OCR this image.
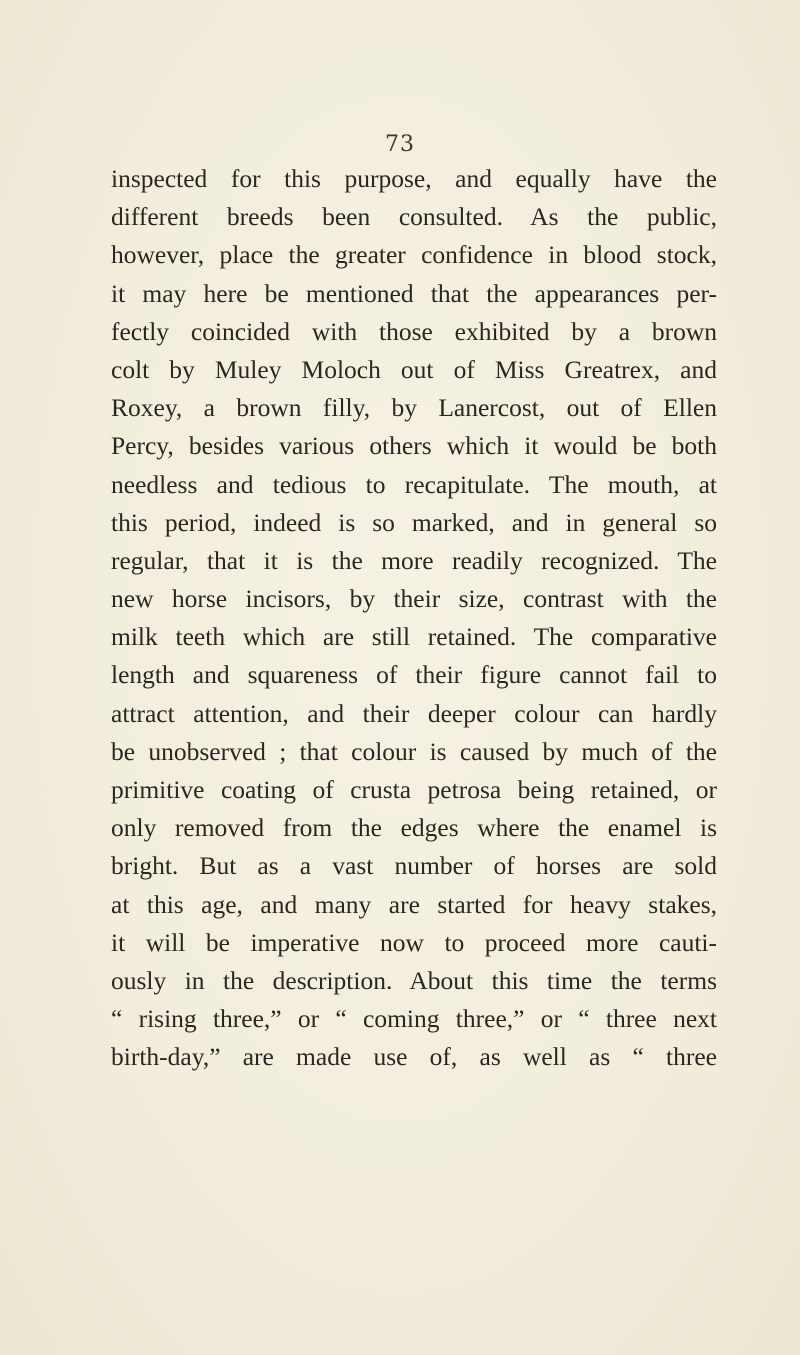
73
inspected for this purpose, and equally have the
different breeds been consulted. As the public,
however, place the greater confidence in blood stock,
it may here be mentioned that the appearances per-
fectly coincided with those exhibited by a brown
colt by Muley Moloch out of Miss Greatrex, and
Roxey, a brown filly, by Lanercost, out of Ellen
Percy, besides various others which it would be both
needless and tedious to recapitulate. The mouth, at
this period, indeed is so marked, and in general so
regular, that it is the more readily recognized. The
new horse incisors, by their size, contrast with the
milk teeth which are still retained. The comparative
length and squareness of their figure cannot fail to
attract attention, and their deeper colour can hardly
be unobserved ; that colour is caused by much of the
primitive coating of crusta petrosa being retained, or
only removed from the edges where the enamel is
bright. But as a vast number of horses are sold
at this age, and many are started for heavy stakes,
it will be imperative now to proceed more cauti-
ously in the description. About this time the terms
“ rising three,” or “ coming three,” or “ three next
birth-day,” are made use of, as well as “ three
